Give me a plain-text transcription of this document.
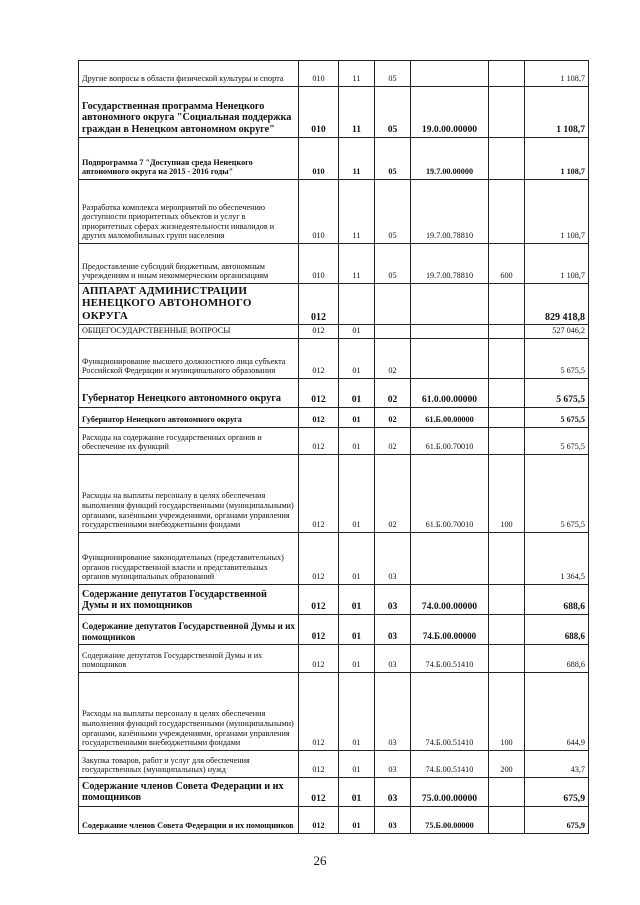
Другие вопросы в области физической культуры и спорта	010	11	05			1 108,7
Государственная программа Ненецкого автономного округа "Социальная поддержка граждан в Ненецком автономном округе"	010	11	05	19.0.00.00000		1 108,7
Подпрограмма 7 "Доступная среда Ненецкого автономного округа на 2015 - 2016 годы"	010	11	05	19.7.00.00000		1 108,7
Разработка комплекса мероприятий по обеспечению доступности приоритетных объектов и услуг в приоритетных сферах жизнедеятельности инвалидов и других маломобильных групп населения	010	11	05	19.7.00.78810		1 108,7
Предоставление субсидий бюджетным, автономным учреждениям и иным некоммерческим организациям	010	11	05	19.7.00.78810	600	1 108,7
АППАРАТ АДМИНИСТРАЦИИ НЕНЕЦКОГО АВТОНОМНОГО ОКРУГА	012					829 418,8
ОБЩЕГОСУДАРСТВЕННЫЕ ВОПРОСЫ	012	01				527 046,2
Функционирование высшего должностного лица субъекта Российской Федерации и муниципального образования	012	01	02			5 675,5
Губернатор Ненецкого автономного округа	012	01	02	61.0.00.00000		5 675,5
Губернатор Ненецкого автономного округа	012	01	02	61.Б.00.00000		5 675,5
Расходы на содержание государственных органов и обеспечение их функций	012	01	02	61.Б.00.70010		5 675,5
Расходы на выплаты персоналу в целях обеспечения выполнения функций государственными (муниципальными) органами, казёнными учреждениями, органами управления государственными внебюджетными фондами	012	01	02	61.Б.00.70010	100	5 675,5
Функционирование законодательных (представительных) органов государственной власти и представительных органов муниципальных образований	012	01	03			1 364,5
Содержание депутатов Государственной Думы и их помощников	012	01	03	74.0.00.00000		688,6
Содержание депутатов Государственной Думы и их помощников	012	01	03	74.Б.00.00000		688,6
Содержание депутатов Государственной Думы и их помощников	012	01	03	74.Б.00.51410		688,6
Расходы на выплаты персоналу в целях обеспечения выполнения функций государственными (муниципальными) органами, казёнными учреждениями, органами управления государственными внебюджетными фондами	012	01	03	74.Б.00.51410	100	644,9
Закупка товаров, работ и услуг для обеспечения государственных (муниципальных) нужд	012	01	03	74.Б.00.51410	200	43,7
Содержание членов Совета Федерации и их помощников	012	01	03	75.0.00.00000		675,9
Содержание членов Совета Федерации и их помощников	012	01	03	75.Б.00.00000		675,9
26
